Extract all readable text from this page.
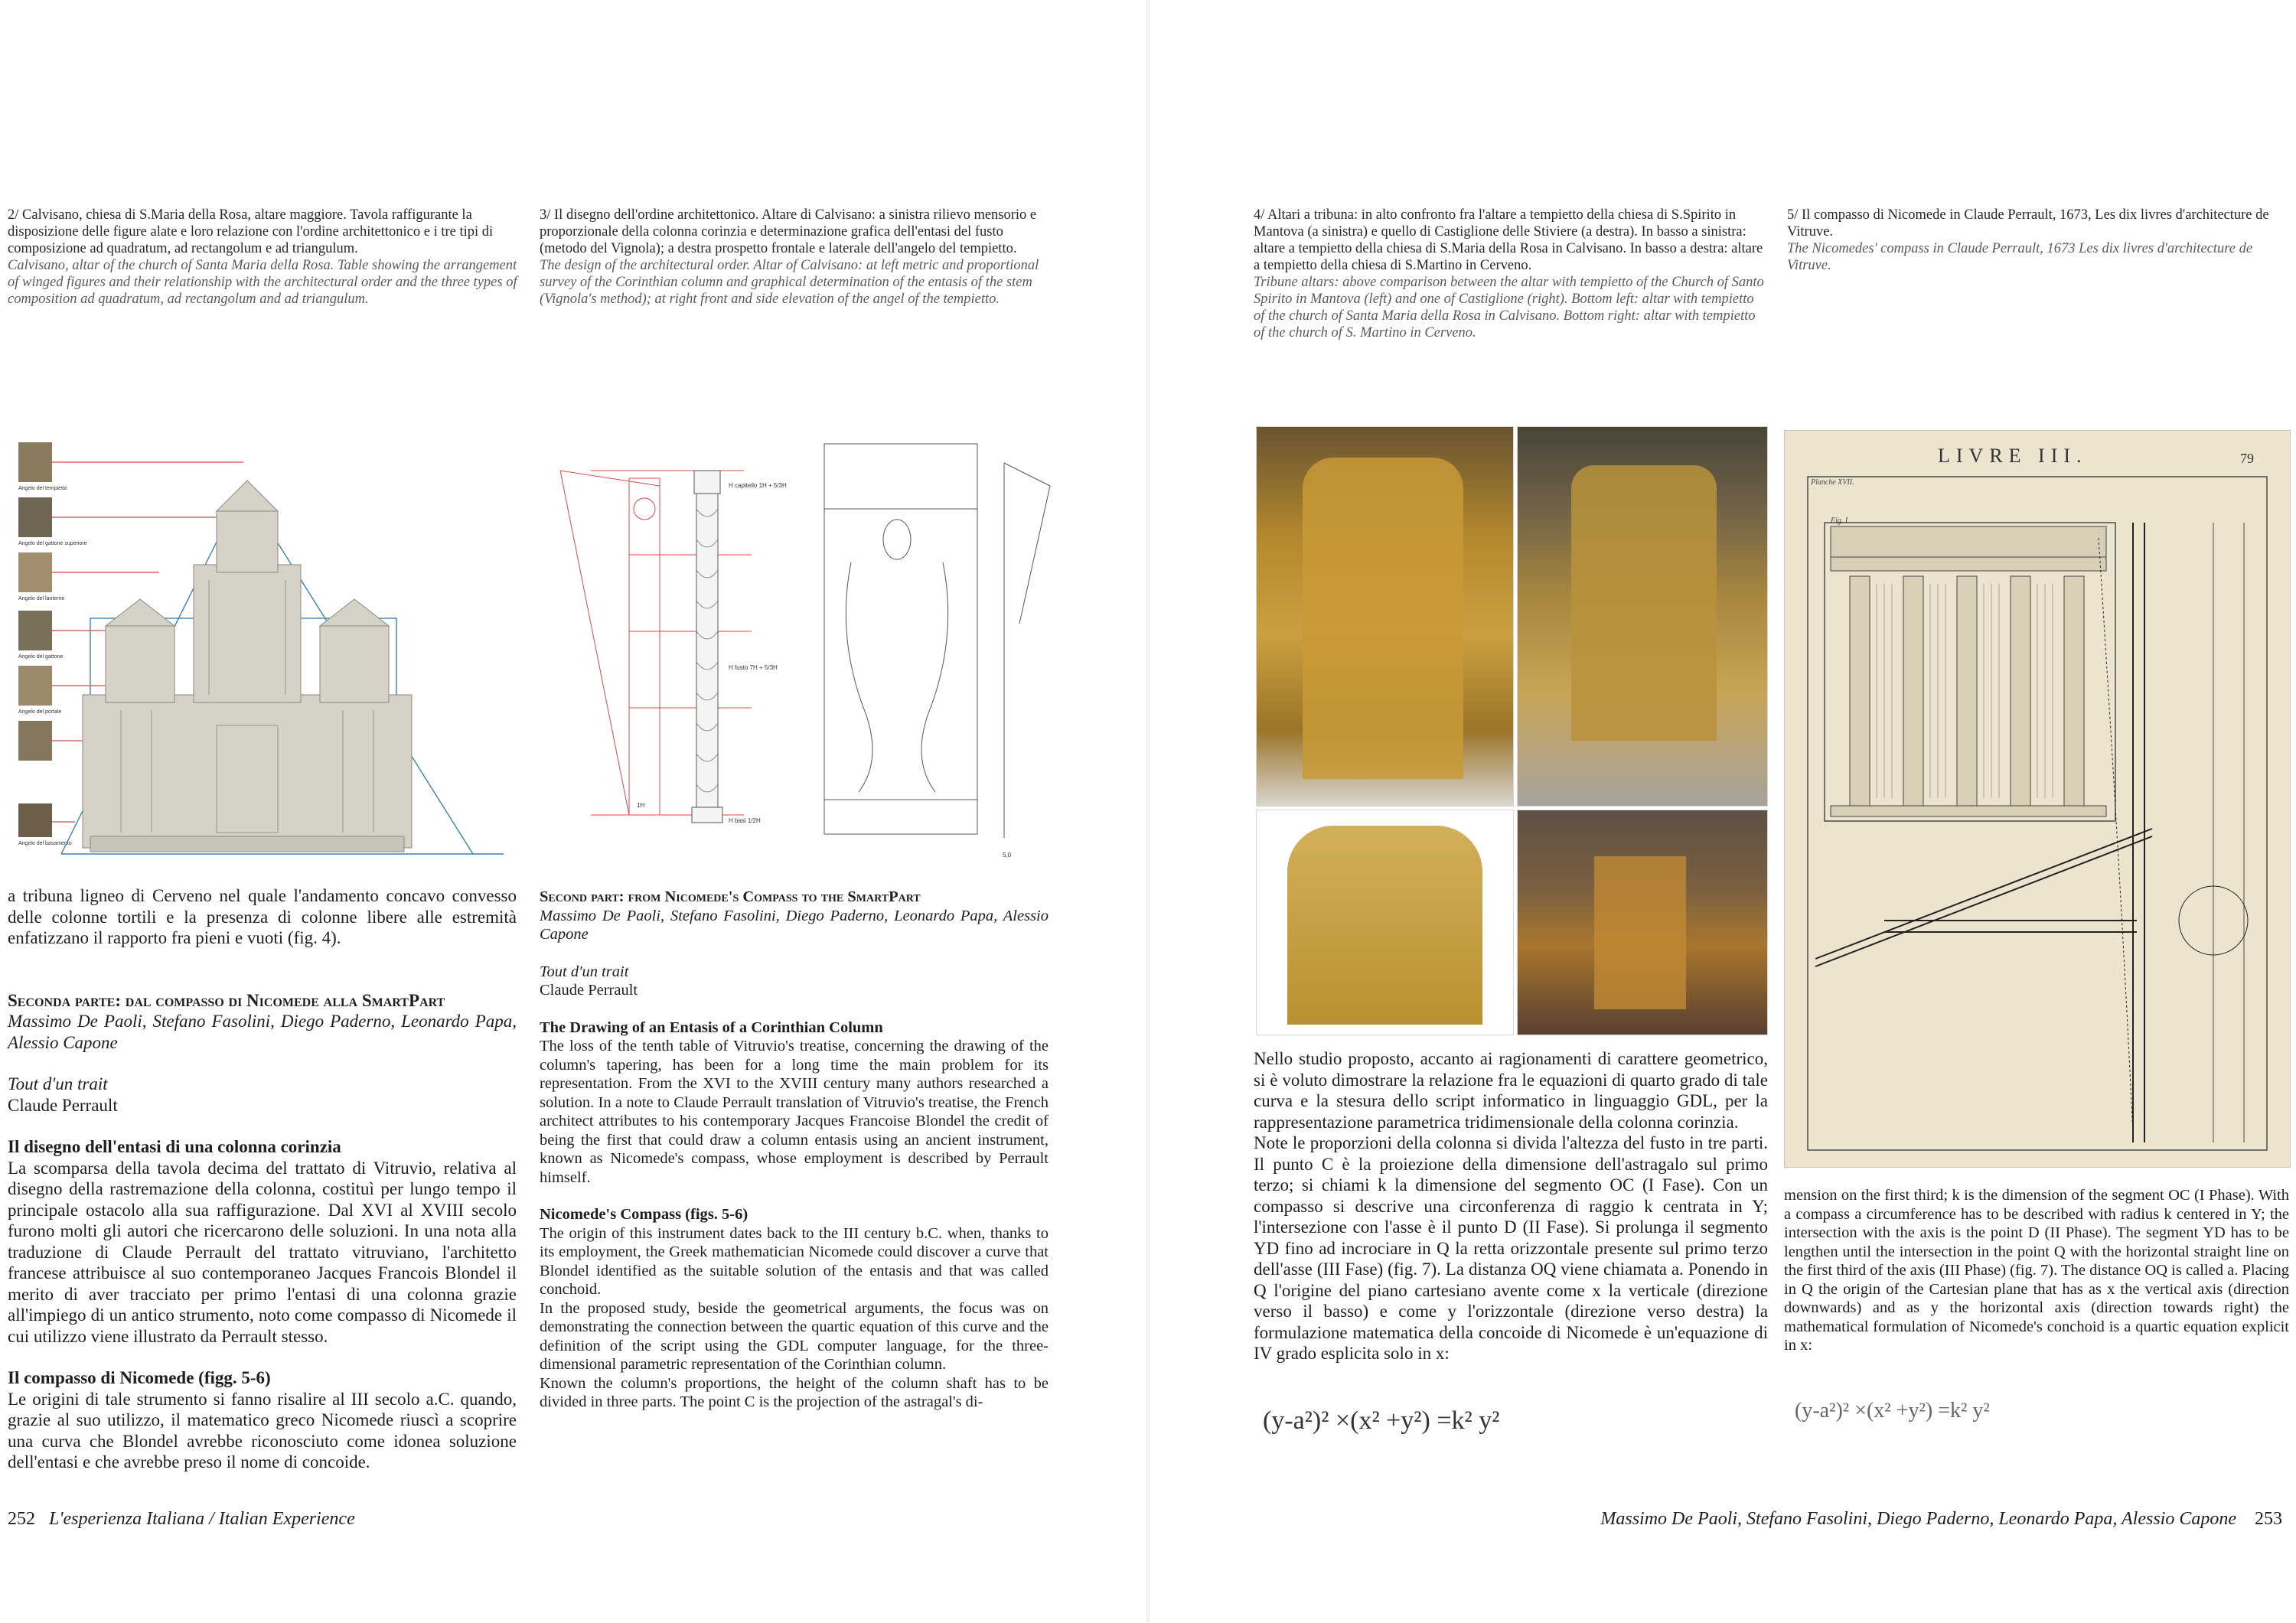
2/ Calvisano, chiesa di S.Maria della Rosa, altare maggiore. Tavola raffigurante la disposizione delle figure alate e loro relazione con l'ordine architettonico e i tre tipi di composizione ad quadratum, ad rectangolum e ad triangulum.

Calvisano, altar of the church of Santa Maria della Rosa. Table showing the arrangement of winged figures and their relationship with the architectural order and the three types of composition ad quadratum, ad rectangolum and ad triangulum.

3/ Il disegno dell'ordine architettonico. Altare di Calvisano: a sinistra rilievo mensorio e proporzionale della colonna corinzia e determinazione grafica dell'entasi del fusto (metodo del Vignola); a destra prospetto frontale e laterale dell'angelo del tempietto.

The design of the architectural order. Altar of Calvisano: at left metric and proportional survey of the Corinthian column and graphical determination of the entasis of the stem (Vignola's method); at right front and side elevation of the angel of the tempietto.

4/ Altari a tribuna: in alto confronto fra l'altare a tempietto della chiesa di S.Spirito in Mantova (a sinistra) e quello di Castiglione delle Stiviere (a destra). In basso a sinistra: altare a tempietto della chiesa di S.Maria della Rosa in Calvisano. In basso a destra: altare a tempietto della chiesa di S.Martino in Cerveno.

Tribune altars: above comparison between the altar with tempietto of the Church of Santo Spirito in Mantova (left) and one of Castiglione (right). Bottom left: altar with tempietto of the church of Santa Maria della Rosa in Calvisano. Bottom right: altar with tempietto of the church of S. Martino in Cerveno.

5/ Il compasso di Nicomede in Claude Perrault, 1673, Les dix livres d'architecture de Vitruve.

The Nicomedes' compass in Claude Perrault, 1673 Les dix livres d'architecture de Vitruve.

Angelo del tempietto
Angelo del gattone superiore
Angelo del lanterne
Angelo del gattone
Angelo del portale
Angelo del basamento
H capitello 1H + 5/3H
H fusto 7H + 5/3H
H basi 1/2H
1H
5,0
LIVRE III.	79
Planche XVII.
Fig. I

a tribuna ligneo di Cerveno nel quale l'andamento concavo convesso delle colonne tortili e la presenza di colonne libere alle estremità enfatizzano il rapporto fra pieni e vuoti (fig. 4).

Seconda parte: dal compasso di Nicomede alla SmartPart

Massimo De Paoli, Stefano Fasolini, Diego Paderno, Leonardo Papa, Alessio Capone

Tout d'un trait

Claude Perrault

Il disegno dell'entasi di una colonna corinzia

La scomparsa della tavola decima del trattato di Vitruvio, relativa al disegno della rastremazione della colonna, costituì per lungo tempo il principale ostacolo alla sua raffigurazione. Dal XVI al XVIII secolo furono molti gli autori che ricercarono delle soluzioni. In una nota alla traduzione di Claude Perrault del trattato vitruviano, l'architetto francese attribuisce al suo contemporaneo Jacques Francois Blondel il merito di aver tracciato per primo l'entasi di una colonna grazie all'impiego di un antico strumento, noto come compasso di Nicomede il cui utilizzo viene illustrato da Perrault stesso.

Il compasso di Nicomede (figg. 5-6)

Le origini di tale strumento si fanno risalire al III secolo a.C. quando, grazie al suo utilizzo, il matematico greco Nicomede riuscì a scoprire una curva che Blondel avrebbe riconosciuto come idonea soluzione dell'entasi e che avrebbe preso il nome di concoide.

Second part: from Nicomede's Compass to the SmartPart

Massimo De Paoli, Stefano Fasolini, Diego Paderno, Leonardo Papa, Alessio Capone

Tout d'un trait

Claude Perrault

The Drawing of an Entasis of a Corinthian Column

The loss of the tenth table of Vitruvio's treatise, concerning the drawing of the column's tapering, has been for a long time the main problem for its representation. From the XVI to the XVIII century many authors researched a solution. In a note to Claude Perrault translation of Vitruvio's treatise, the French architect attributes to his contemporary Jacques Francoise Blondel the credit of being the first that could draw a column entasis using an ancient instrument, known as Nicomede's compass, whose employment is described by Perrault himself.

Nicomede's Compass (figs. 5-6)

The origin of this instrument dates back to the III century b.C. when, thanks to its employment, the Greek mathematician Nicomede could discover a curve that Blondel identified as the suitable solution of the entasis and that was called conchoid.

In the proposed study, beside the geometrical arguments, the focus was on demonstrating the connection between the quartic equation of this curve and the definition of the script using the GDL computer language, for the three-dimensional parametric representation of the Corinthian column.

Known the column's proportions, the height of the column shaft has to be divided in three parts. The point C is the projection of the astragal's di-

Nello studio proposto, accanto ai ragionamenti di carattere geometrico, si è voluto dimostrare la relazione fra le equazioni di quarto grado di tale curva e la stesura dello script informatico in linguaggio GDL, per la rappresentazione parametrica tridimensionale della colonna corinzia.

Note le proporzioni della colonna si divida l'altezza del fusto in tre parti. Il punto C è la proiezione della dimensione dell'astragalo sul primo terzo; si chiami k la dimensione del segmento OC (I Fase). Con un compasso si descrive una circonferenza di raggio k centrata in Y; l'intersezione con l'asse è il punto D (II Fase). Si prolunga il segmento YD fino ad incrociare in Q la retta orizzontale presente sul primo terzo dell'asse (III Fase) (fig. 7). La distanza OQ viene chiamata a. Ponendo in Q l'origine del piano cartesiano avente come x la verticale (direzione verso il basso) e come y l'orizzontale (direzione verso destra) la formulazione matematica della concoide di Nicomede è un'equazione di IV grado esplicita solo in x:

(y-a²)² ×(x² +y²) =k² y²

mension on the first third; k is the dimension of the segment OC (I Phase). With a compass a circumference has to be described with radius k centered in Y; the intersection with the axis is the point D (II Phase). The segment YD has to be lengthen until the intersection in the point Q with the horizontal straight line on the first third of the axis (III Phase) (fig. 7). The distance OQ is called a. Placing in Q the origin of the Cartesian plane that has as x the vertical axis (direction downwards) and as y the horizontal axis (direction towards right) the mathematical formulation of Nicomede's conchoid is a quartic equation explicit in x:

(y-a²)² ×(x² +y²) =k² y²
252 L'esperienza Italiana / Italian Experience	Massimo De Paoli, Stefano Fasolini, Diego Paderno, Leonardo Papa, Alessio Capone 253
